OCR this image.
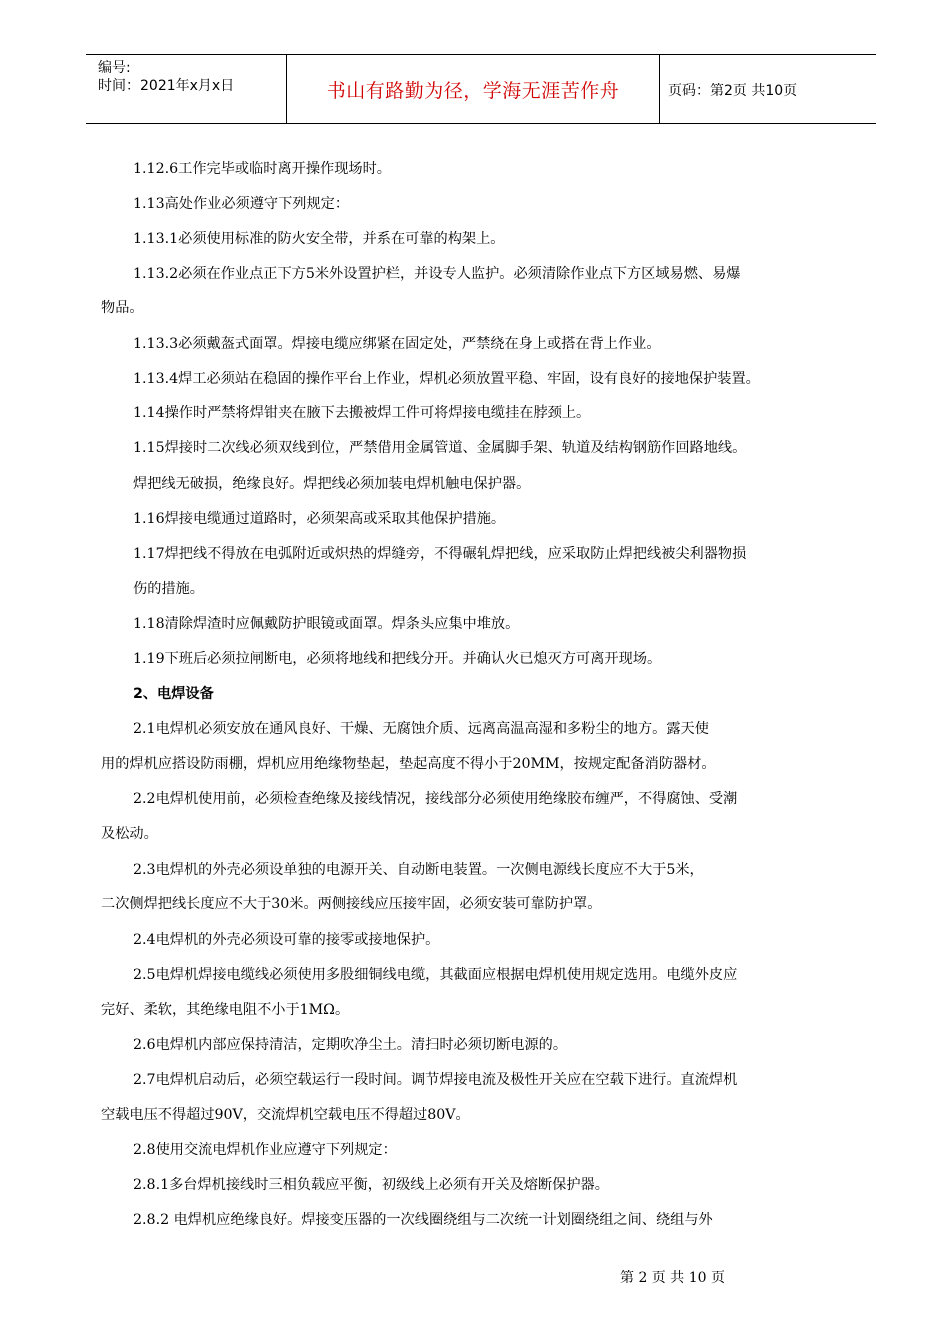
编号:
时间：2021年x月x日	书山有路勤为径，学海无涯苦作舟	页码：第2页 共10页
1.12.6工作完毕或临时离开操作现场时。
1.13高处作业必须遵守下列规定：
1.13.1必须使用标准的防火安全带，并系在可靠的构架上。
1.13.2必须在作业点正下方5米外设置护栏，并设专人监护。必须清除作业点下方区域易燃、易爆
物品。
1.13.3必须戴盔式面罩。焊接电缆应绑紧在固定处，严禁绕在身上或搭在背上作业。
1.13.4焊工必须站在稳固的操作平台上作业，焊机必须放置平稳、牢固，设有良好的接地保护装置。
1.14操作时严禁将焊钳夹在腋下去搬被焊工件可将焊接电缆挂在脖颈上。
1.15焊接时二次线必须双线到位，严禁借用金属管道、金属脚手架、轨道及结构钢筋作回路地线。
焊把线无破损，绝缘良好。焊把线必须加装电焊机触电保护器。
1.16焊接电缆通过道路时，必须架高或采取其他保护措施。
1.17焊把线不得放在电弧附近或炽热的焊缝旁，不得碾轧焊把线，应采取防止焊把线被尖利器物损
伤的措施。
1.18清除焊渣时应佩戴防护眼镜或面罩。焊条头应集中堆放。
1.19下班后必须拉闸断电，必须将地线和把线分开。并确认火已熄灭方可离开现场。
2、电焊设备
2.1电焊机必须安放在通风良好、干燥、无腐蚀介质、远离高温高湿和多粉尘的地方。露天使
用的焊机应搭设防雨棚，焊机应用绝缘物垫起，垫起高度不得小于20MM，按规定配备消防器材。
2.2电焊机使用前，必须检查绝缘及接线情况，接线部分必须使用绝缘胶布缠严，不得腐蚀、受潮
及松动。
2.3电焊机的外壳必须设单独的电源开关、自动断电装置。一次侧电源线长度应不大于5米，
二次侧焊把线长度应不大于30米。两侧接线应压接牢固，必须安装可靠防护罩。
2.4电焊机的外壳必须设可靠的接零或接地保护。
2.5电焊机焊接电缆线必须使用多股细铜线电缆，其截面应根据电焊机使用规定选用。电缆外皮应
完好、柔软，其绝缘电阻不小于1MΩ。
2.6电焊机内部应保持清洁，定期吹净尘土。清扫时必须切断电源的。
2.7电焊机启动后，必须空载运行一段时间。调节焊接电流及极性开关应在空载下进行。直流焊机
空载电压不得超过90V，交流焊机空载电压不得超过80V。
2.8使用交流电焊机作业应遵守下列规定：
2.8.1多台焊机接线时三相负载应平衡，初级线上必须有开关及熔断保护器。
2.8.2 电焊机应绝缘良好。焊接变压器的一次线圈绕组与二次统一计划圈绕组之间、绕组与外
第 2 页 共 10 页
